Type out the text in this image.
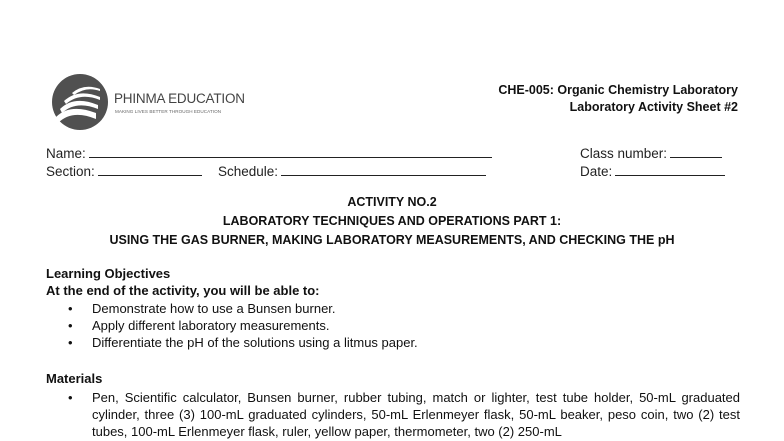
PHINMA EDUCATION
MAKING LIVES BETTER THROUGH EDUCATION
CHE-005: Organic Chemistry Laboratory
Laboratory Activity Sheet #2
Name:	Class number:
Section:	Schedule:	Date:
ACTIVITY NO.2
LABORATORY TECHNIQUES AND OPERATIONS PART 1:
USING THE GAS BURNER, MAKING LABORATORY MEASUREMENTS, AND CHECKING THE pH
Learning Objectives
At the end of the activity, you will be able to:
• Demonstrate how to use a Bunsen burner.
• Apply different laboratory measurements.
• Differentiate the pH of the solutions using a litmus paper.
Materials
• Pen, Scientific calculator, Bunsen burner, rubber tubing, match or lighter, test tube holder, 50-mL graduated cylinder, three (3) 100-mL graduated cylinders, 50-mL Erlenmeyer flask, 50-mL beaker, peso coin, two (2) test tubes, 100-mL Erlenmeyer flask, ruler, yellow paper, thermometer, two (2) 250-mL
